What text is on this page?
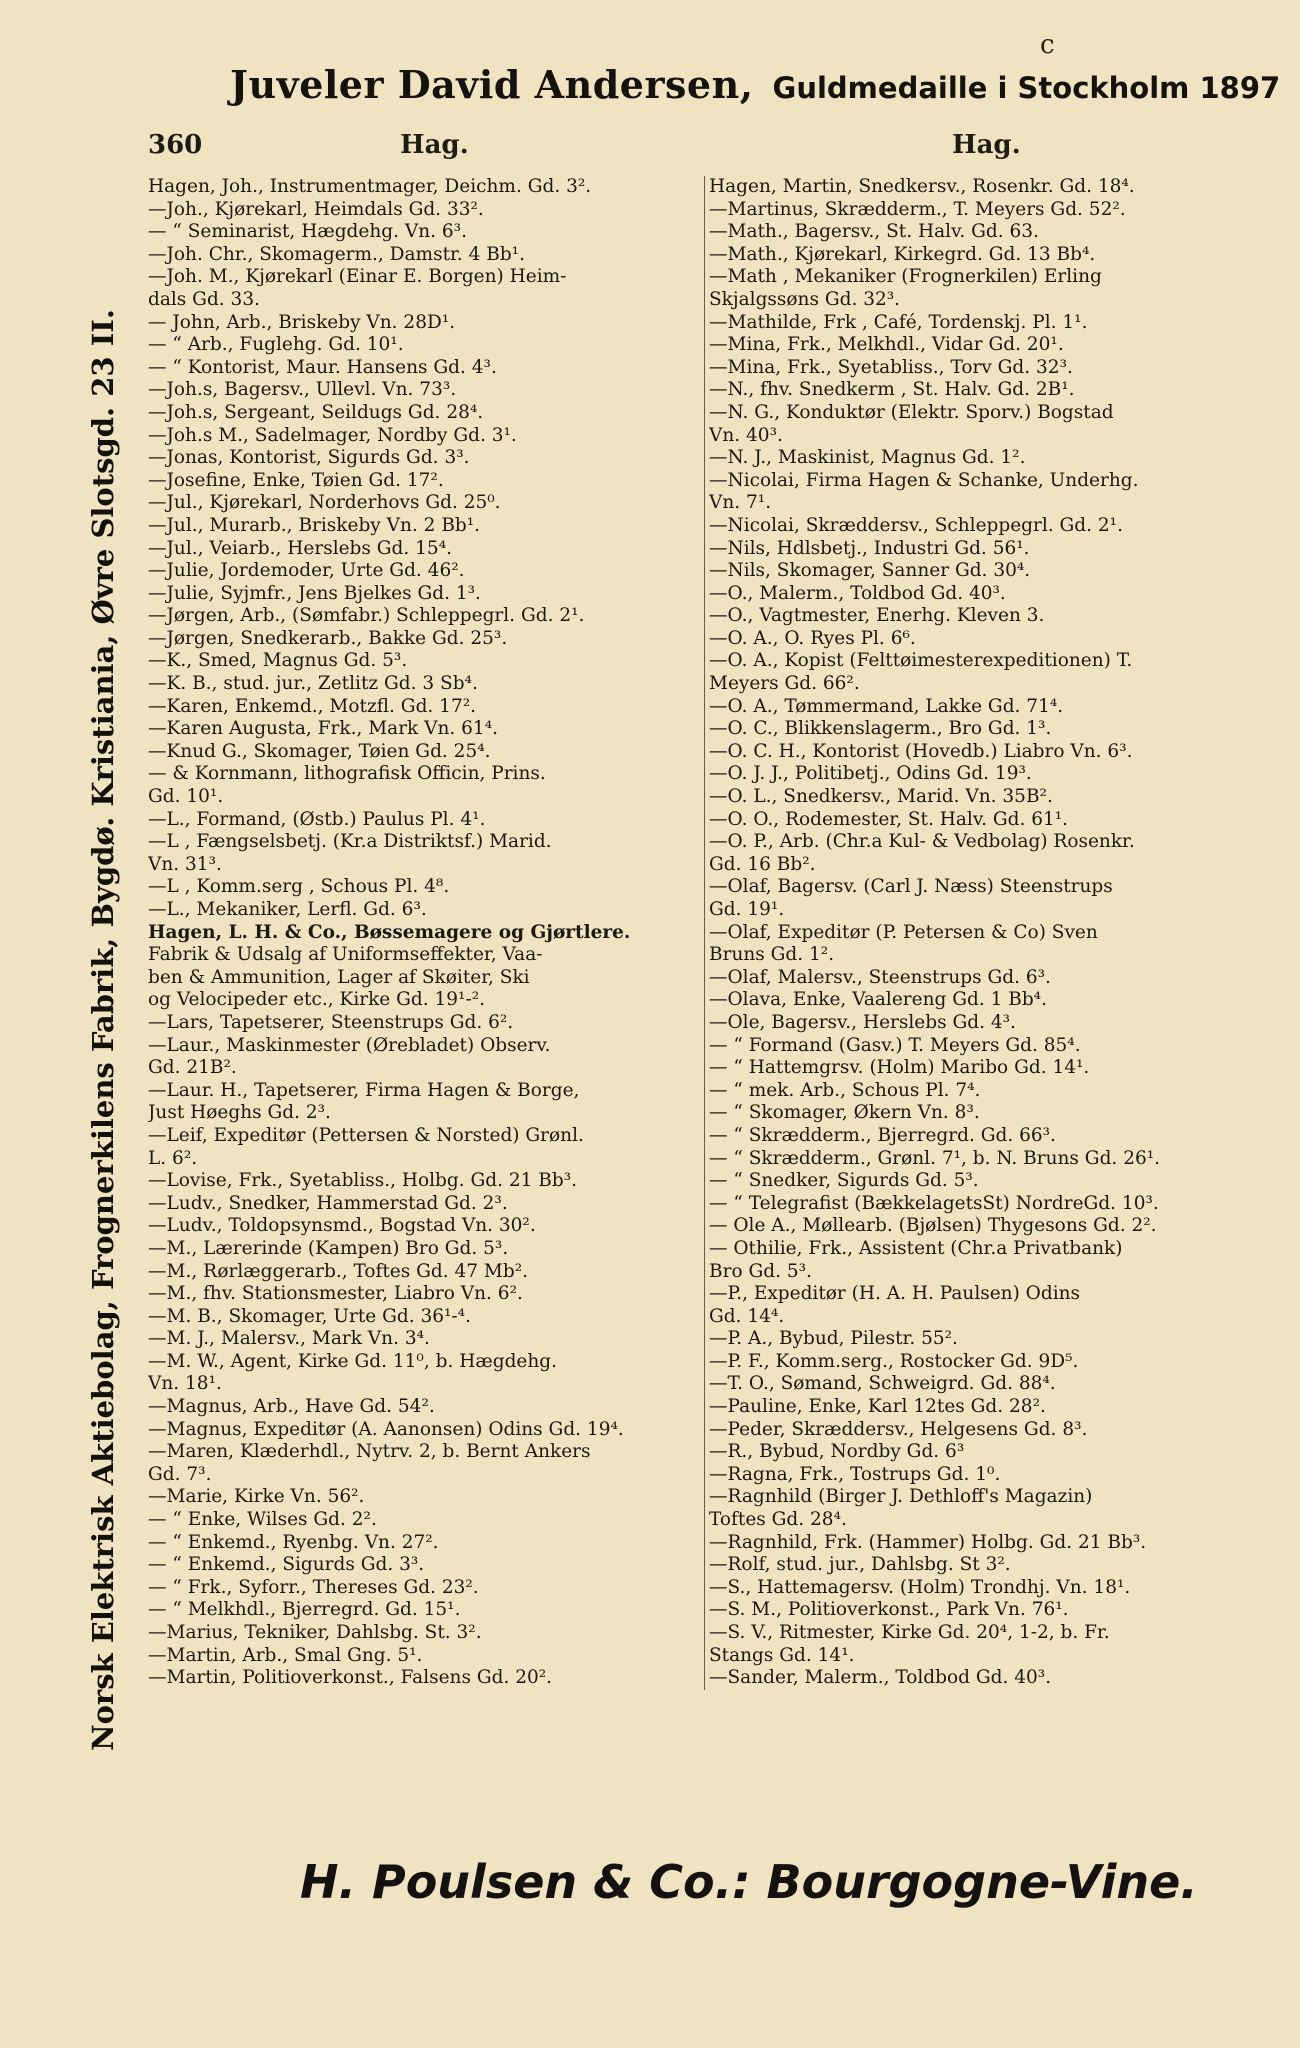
c
Juveler David Andersen, Guldmedaille i Stockholm 1897
360	Hag.	Hag.
Norsk Elektrisk Aktiebolag, Frognerkilens Fabrik, Bygdø. Kristiania, Øvre Slotsgd. 23 II.
Hagen, Joh., Instrumentmager, Deichm. Gd. 3².
—Joh., Kjørekarl, Heimdals Gd. 33².
— “ Seminarist, Hægdehg. Vn. 6³.
—Joh. Chr., Skomagerm., Damstr. 4 Bb¹.
—Joh. M., Kjørekarl (Einar E. Borgen) Heim-
dals Gd. 33.
— John, Arb., Briskeby Vn. 28D¹.
— “ Arb., Fuglehg. Gd. 10¹.
— “ Kontorist, Maur. Hansens Gd. 4³.
—Joh.s, Bagersv., Ullevl. Vn. 73³.
—Joh.s, Sergeant, Seildugs Gd. 28⁴.
—Joh.s M., Sadelmager, Nordby Gd. 3¹.
—Jonas, Kontorist, Sigurds Gd. 3³.
—Josefine, Enke, Tøien Gd. 17².
—Jul., Kjørekarl, Norderhovs Gd. 25⁰.
—Jul., Murarb., Briskeby Vn. 2 Bb¹.
—Jul., Veiarb., Herslebs Gd. 15⁴.
—Julie, Jordemoder, Urte Gd. 46².
—Julie, Syjmfr., Jens Bjelkes Gd. 1³.
—Jørgen, Arb., (Sømfabr.) Schleppegrl. Gd. 2¹.
—Jørgen, Snedkerarb., Bakke Gd. 25³.
—K., Smed, Magnus Gd. 5³.
—K. B., stud. jur., Zetlitz Gd. 3 Sb⁴.
—Karen, Enkemd., Motzfl. Gd. 17².
—Karen Augusta, Frk., Mark Vn. 61⁴.
—Knud G., Skomager, Tøien Gd. 25⁴.
— & Kornmann, lithografisk Officin, Prins.
Gd. 10¹.
—L., Formand, (Østb.) Paulus Pl. 4¹.
—L , Fængselsbetj. (Kr.a Distriktsf.) Marid.
Vn. 31³.
—L , Komm.serg , Schous Pl. 4⁸.
—L., Mekaniker, Lerfl. Gd. 6³.
Hagen, L. H. & Co., Bøssemagere og Gjørtlere.
Fabrik & Udsalg af Uniformseffekter, Vaa-
ben & Ammunition, Lager af Skøiter, Ski
og Velocipeder etc., Kirke Gd. 19¹-².
—Lars, Tapetserer, Steenstrups Gd. 6².
—Laur., Maskinmester (Ørebladet) Observ.
Gd. 21B².
—Laur. H., Tapetserer, Firma Hagen & Borge,
Just Høeghs Gd. 2³.
—Leif, Expeditør (Pettersen & Norsted) Grønl.
L. 6².
—Lovise, Frk., Syetabliss., Holbg. Gd. 21 Bb³.
—Ludv., Snedker, Hammerstad Gd. 2³.
—Ludv., Toldopsynsmd., Bogstad Vn. 30².
—M., Lærerinde (Kampen) Bro Gd. 5³.
—M., Rørlæggerarb., Toftes Gd. 47 Mb².
—M., fhv. Stationsmester, Liabro Vn. 6².
—M. B., Skomager, Urte Gd. 36¹-⁴.
—M. J., Malersv., Mark Vn. 3⁴.
—M. W., Agent, Kirke Gd. 11⁰, b. Hægdehg.
Vn. 18¹.
—Magnus, Arb., Have Gd. 54².
—Magnus, Expeditør (A. Aanonsen) Odins Gd. 19⁴.
—Maren, Klæderhdl., Nytrv. 2, b. Bernt Ankers
Gd. 7³.
—Marie, Kirke Vn. 56².
— “ Enke, Wilses Gd. 2².
— “ Enkemd., Ryenbg. Vn. 27².
— “ Enkemd., Sigurds Gd. 3³.
— “ Frk., Syforr., Thereses Gd. 23².
— “ Melkhdl., Bjerregrd. Gd. 15¹.
—Marius, Tekniker, Dahlsbg. St. 3².
—Martin, Arb., Smal Gng. 5¹.
—Martin, Politioverkonst., Falsens Gd. 20².
Hagen, Martin, Snedkersv., Rosenkr. Gd. 18⁴.
—Martinus, Skrædderm., T. Meyers Gd. 52².
—Math., Bagersv., St. Halv. Gd. 63.
—Math., Kjørekarl, Kirkegrd. Gd. 13 Bb⁴.
—Math , Mekaniker (Frognerkilen) Erling
Skjalgssøns Gd. 32³.
—Mathilde, Frk , Café, Tordenskj. Pl. 1¹.
—Mina, Frk., Melkhdl., Vidar Gd. 20¹.
—Mina, Frk., Syetabliss., Torv Gd. 32³.
—N., fhv. Snedkerm , St. Halv. Gd. 2B¹.
—N. G., Konduktør (Elektr. Sporv.) Bogstad
Vn. 40³.
—N. J., Maskinist, Magnus Gd. 1².
—Nicolai, Firma Hagen & Schanke, Underhg.
Vn. 7¹.
—Nicolai, Skræddersv., Schleppegrl. Gd. 2¹.
—Nils, Hdlsbetj., Industri Gd. 56¹.
—Nils, Skomager, Sanner Gd. 30⁴.
—O., Malerm., Toldbod Gd. 40³.
—O., Vagtmester, Enerhg. Kleven 3.
—O. A., O. Ryes Pl. 6⁶.
—O. A., Kopist (Felttøimesterexpeditionen) T.
Meyers Gd. 66².
—O. A., Tømmermand, Lakke Gd. 71⁴.
—O. C., Blikkenslagerm., Bro Gd. 1³.
—O. C. H., Kontorist (Hovedb.) Liabro Vn. 6³.
—O. J. J., Politibetj., Odins Gd. 19³.
—O. L., Snedkersv., Marid. Vn. 35B².
—O. O., Rodemester, St. Halv. Gd. 61¹.
—O. P., Arb. (Chr.a Kul- & Vedbolag) Rosenkr.
Gd. 16 Bb².
—Olaf, Bagersv. (Carl J. Næss) Steenstrups
Gd. 19¹.
—Olaf, Expeditør (P. Petersen & Co) Sven
Bruns Gd. 1².
—Olaf, Malersv., Steenstrups Gd. 6³.
—Olava, Enke, Vaalereng Gd. 1 Bb⁴.
—Ole, Bagersv., Herslebs Gd. 4³.
— “ Formand (Gasv.) T. Meyers Gd. 85⁴.
— “ Hattemgrsv. (Holm) Maribo Gd. 14¹.
— “ mek. Arb., Schous Pl. 7⁴.
— “ Skomager, Økern Vn. 8³.
— “ Skrædderm., Bjerregrd. Gd. 66³.
— “ Skrædderm., Grønl. 7¹, b. N. Bruns Gd. 26¹.
— “ Snedker, Sigurds Gd. 5³.
— “ Telegrafist (BækkelagetsSt) NordreGd. 10³.
— Ole A., Møllearb. (Bjølsen) Thygesons Gd. 2².
— Othilie, Frk., Assistent (Chr.a Privatbank)
Bro Gd. 5³.
—P., Expeditør (H. A. H. Paulsen) Odins
Gd. 14⁴.
—P. A., Bybud, Pilestr. 55².
—P. F., Komm.serg., Rostocker Gd. 9D⁵.
—T. O., Sømand, Schweigrd. Gd. 88⁴.
—Pauline, Enke, Karl 12tes Gd. 28².
—Peder, Skræddersv., Helgesens Gd. 8³.
—R., Bybud, Nordby Gd. 6³
—Ragna, Frk., Tostrups Gd. 1⁰.
—Ragnhild (Birger J. Dethloff's Magazin)
Toftes Gd. 28⁴.
—Ragnhild, Frk. (Hammer) Holbg. Gd. 21 Bb³.
—Rolf, stud. jur., Dahlsbg. St 3².
—S., Hattemagersv. (Holm) Trondhj. Vn. 18¹.
—S. M., Politioverkonst., Park Vn. 76¹.
—S. V., Ritmester, Kirke Gd. 20⁴, 1-2, b. Fr.
Stangs Gd. 14¹.
—Sander, Malerm., Toldbod Gd. 40³.
H. Poulsen & Co.: Bourgogne-Vine.
